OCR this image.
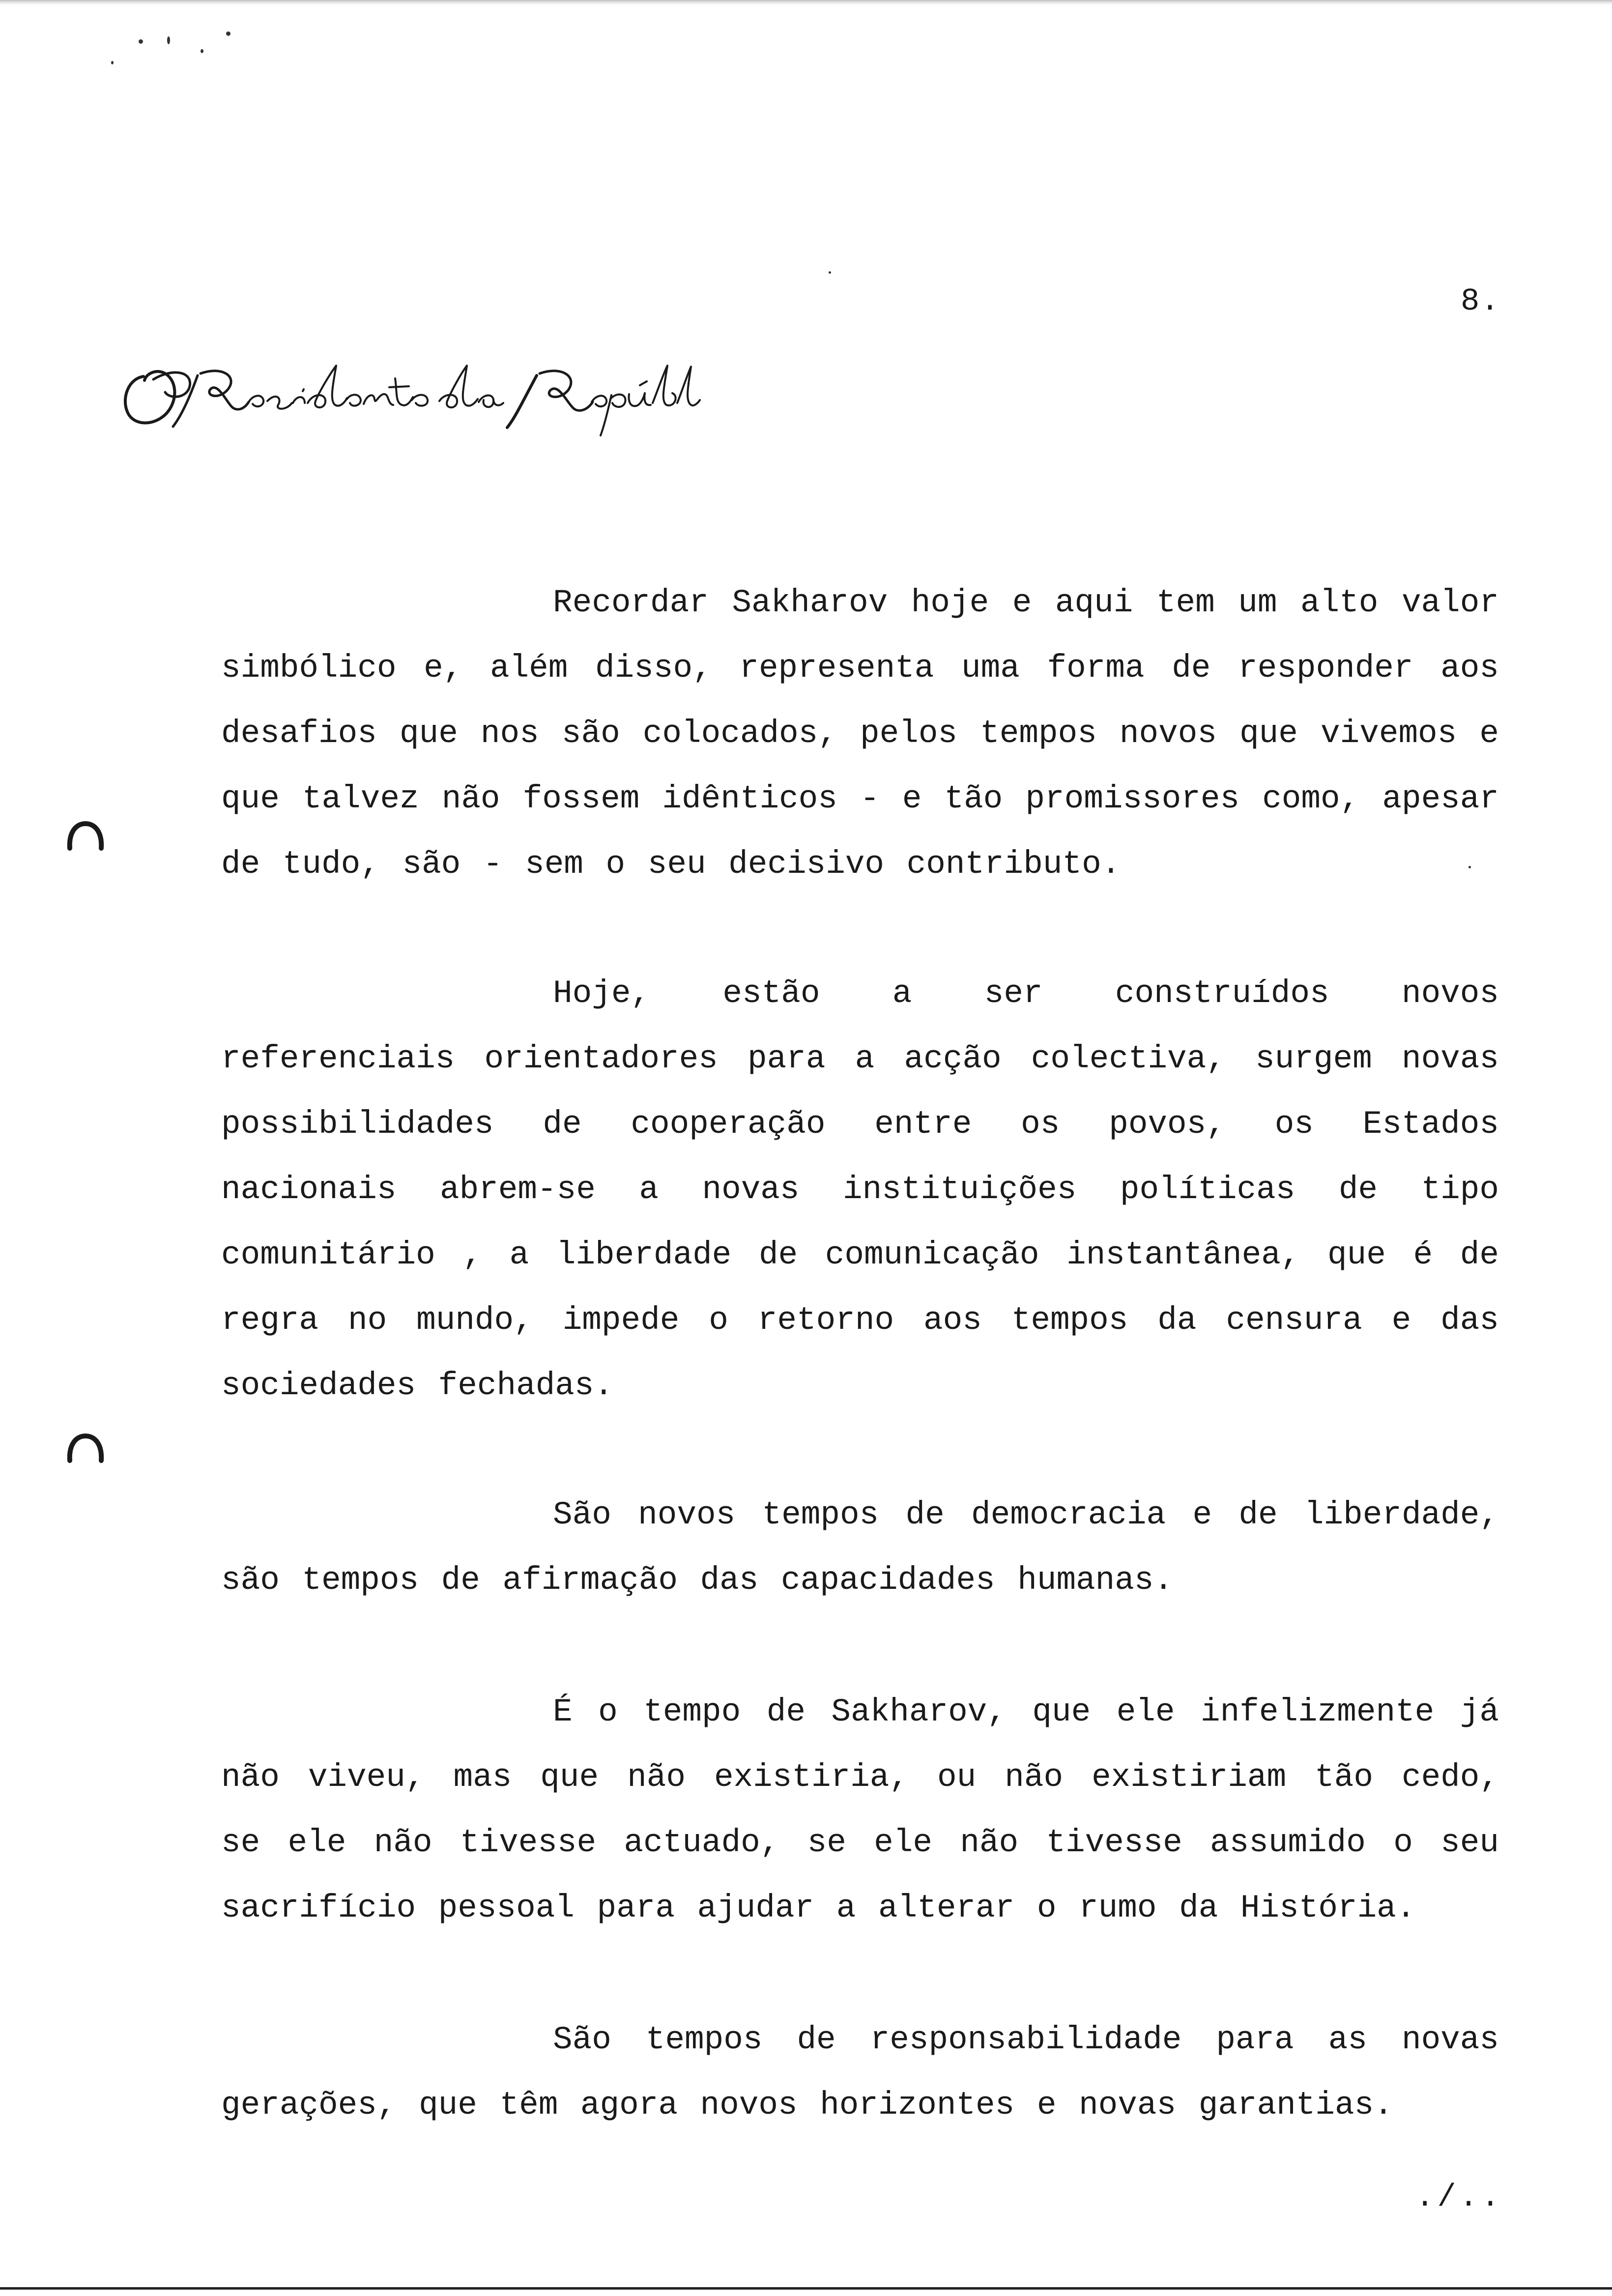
8.

Recordar Sakharov hoje e aqui tem um alto valor simbólico e, além disso, representa uma forma de responder aos desafios que nos são colocados, pelos tempos novos que vivemos e que talvez não fossem idênticos - e tão promissores como, apesar de tudo, são - sem o seu decisivo contributo.

Hoje, estão a ser construídos novos referenciais orientadores para a acção colectiva, surgem novas possibilidades de cooperação entre os povos, os Estados nacionais abrem-se a novas instituições políticas de tipo comunitário , a liberdade de comunicação instantânea, que é de regra no mundo, impede o retorno aos tempos da censura e das sociedades fechadas.

São novos tempos de democracia e de liberdade, são tempos de afirmação das capacidades humanas.

É o tempo de Sakharov, que ele infelizmente já não viveu, mas que não existiria, ou não existiriam tão cedo, se ele não tivesse actuado, se ele não tivesse assumido o seu sacrifício pessoal para ajudar a alterar o rumo da História.

São tempos de responsabilidade para as novas gerações, que têm agora novos horizontes e novas garantias.

./..
